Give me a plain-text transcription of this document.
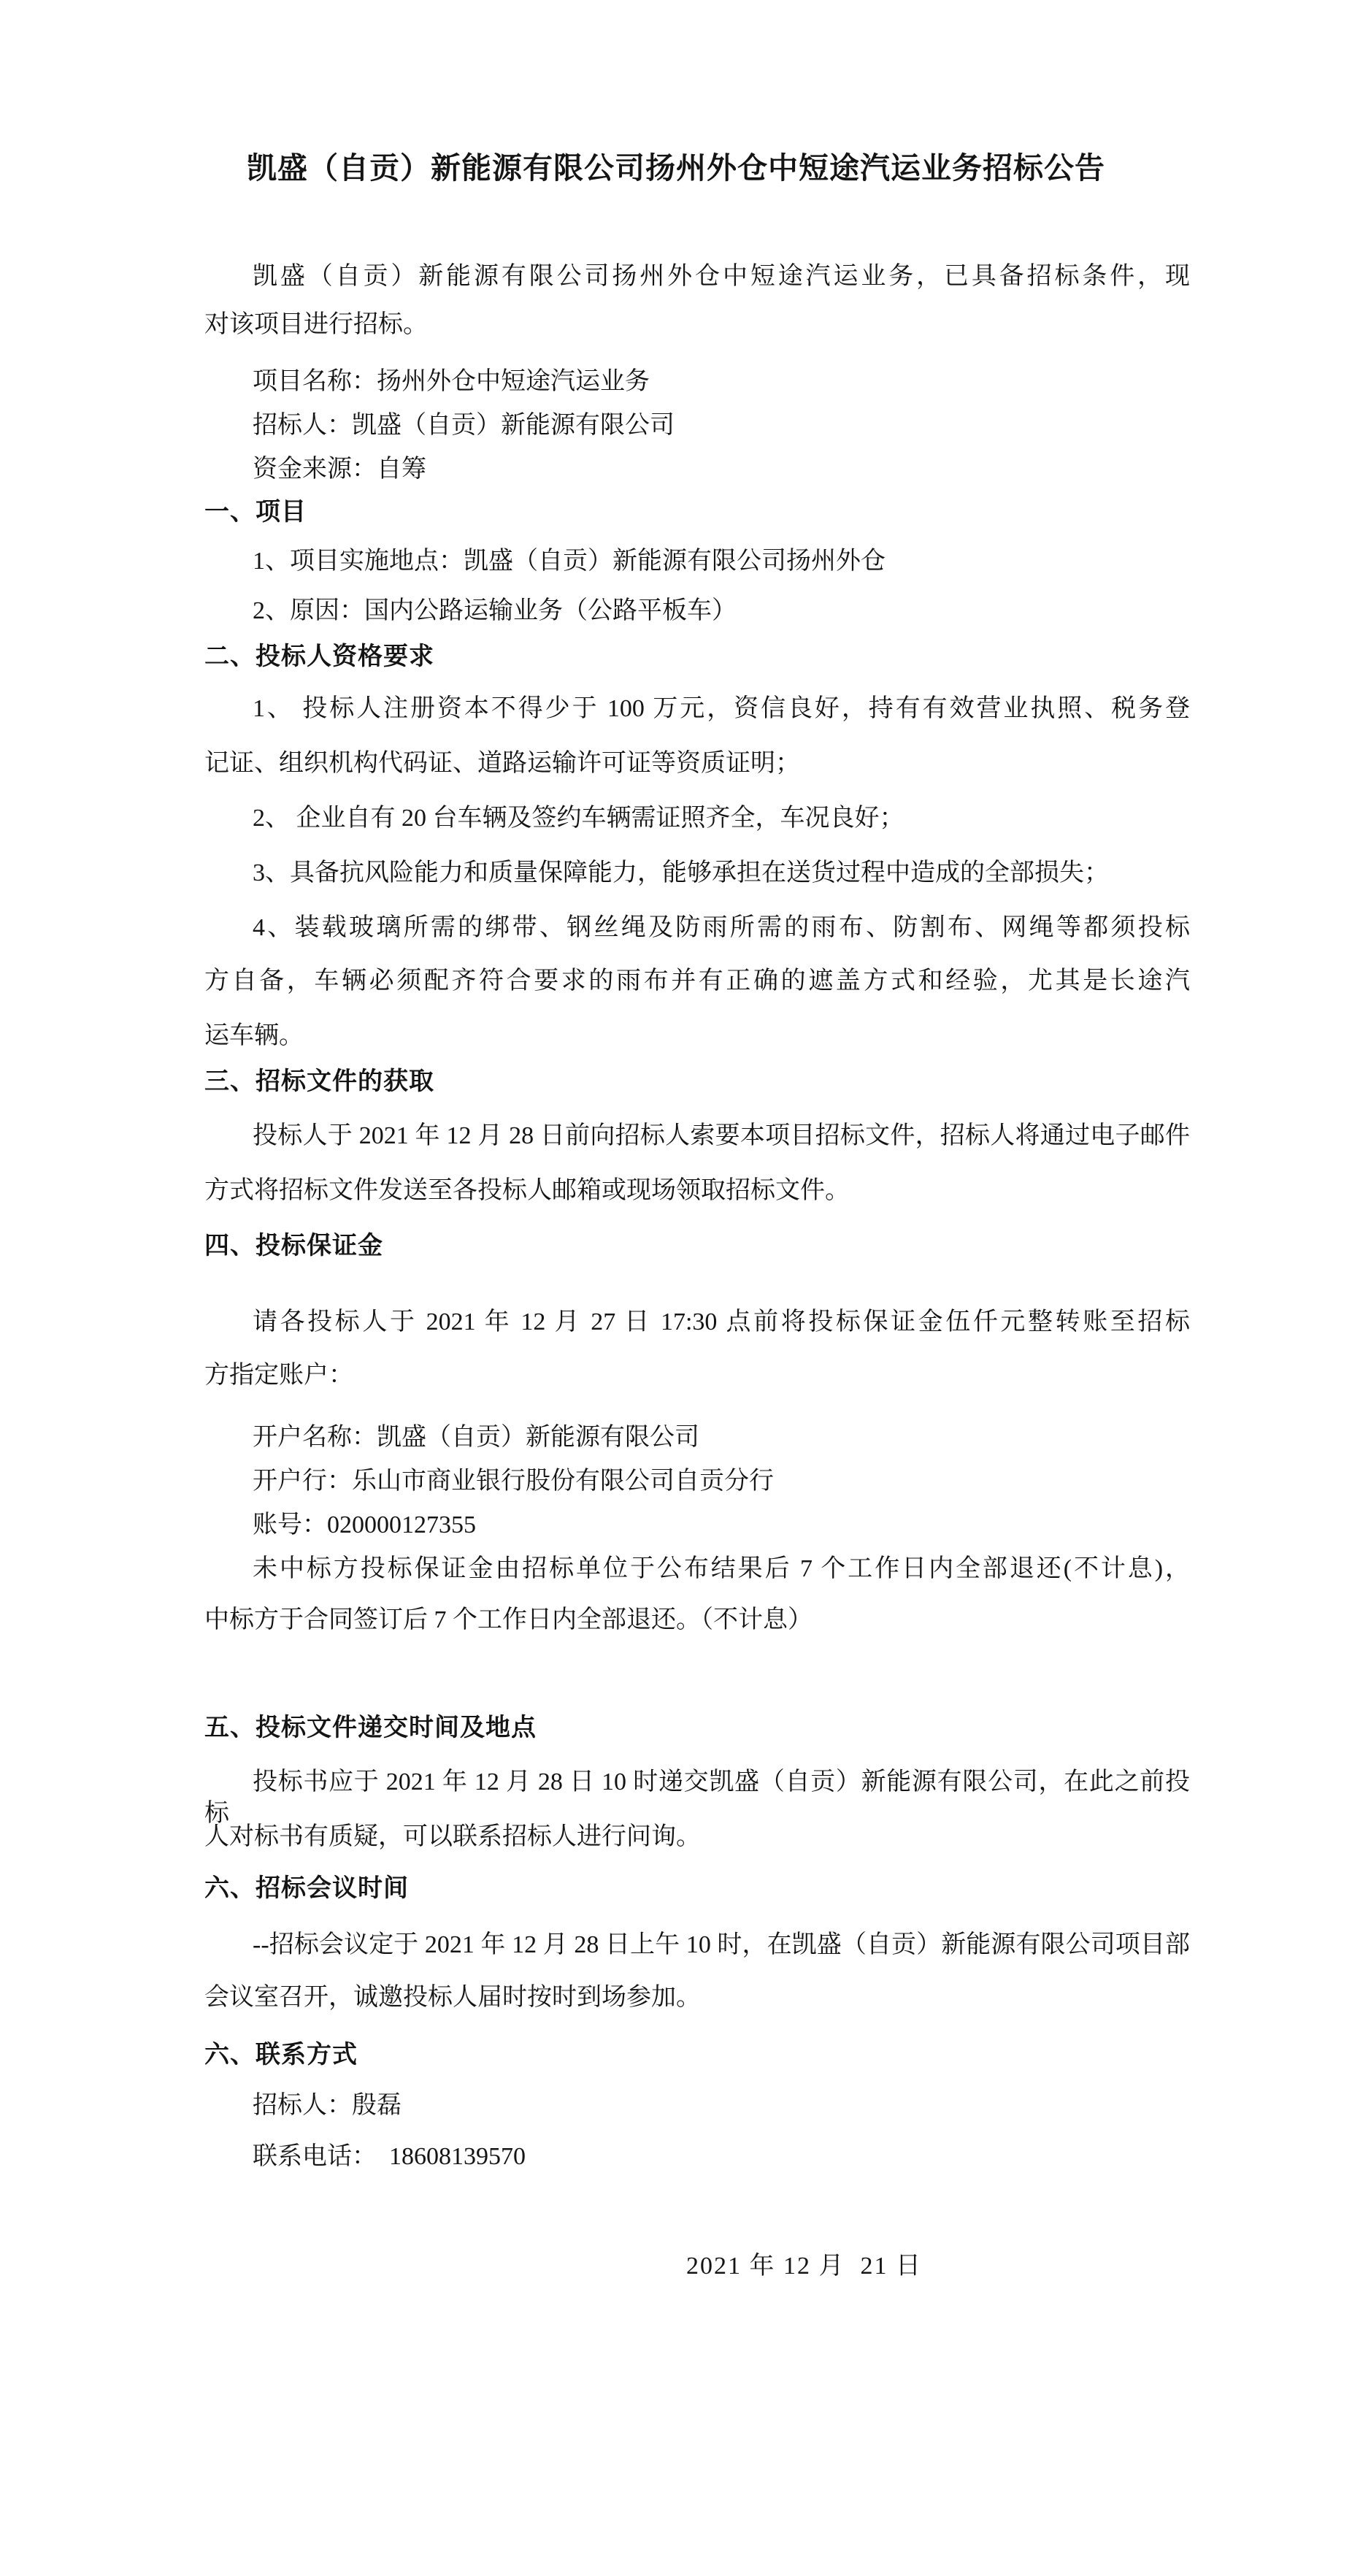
凯盛（自贡）新能源有限公司扬州外仓中短途汽运业务招标公告
凯盛（自贡）新能源有限公司扬州外仓中短途汽运业务，已具备招标条件，现
对该项目进行招标。
项目名称：扬州外仓中短途汽运业务
招标人：凯盛（自贡）新能源有限公司
资金来源：自筹
一、项目
1、项目实施地点：凯盛（自贡）新能源有限公司扬州外仓
2、原因：国内公路运输业务（公路平板车）
二、投标人资格要求
1、 投标人注册资本不得少于 100 万元，资信良好，持有有效营业执照、税务登
记证、组织机构代码证、道路运输许可证等资质证明；
2、 企业自有 20 台车辆及签约车辆需证照齐全，车况良好；
3、具备抗风险能力和质量保障能力，能够承担在送货过程中造成的全部损失；
4、装载玻璃所需的绑带、钢丝绳及防雨所需的雨布、防割布、网绳等都须投标
方自备，车辆必须配齐符合要求的雨布并有正确的遮盖方式和经验，尤其是长途汽
运车辆。
三、招标文件的获取
投标人于 2021 年 12 月 28 日前向招标人索要本项目招标文件，招标人将通过电子邮件
方式将招标文件发送至各投标人邮箱或现场领取招标文件。
四、投标保证金
请各投标人于 2021 年 12 月 27 日 17:30 点前将投标保证金伍仟元整转账至招标
方指定账户：
开户名称：凯盛（自贡）新能源有限公司
开户行：乐山市商业银行股份有限公司自贡分行
账号：020000127355
未中标方投标保证金由招标单位于公布结果后 7 个工作日内全部退还(不计息)，
中标方于合同签订后 7 个工作日内全部退还。（不计息）
五、投标文件递交时间及地点
投标书应于 2021 年 12 月 28 日 10 时递交凯盛（自贡）新能源有限公司，在此之前投标
人对标书有质疑，可以联系招标人进行问询。
六、招标会议时间
--招标会议定于 2021 年 12 月 28 日上午 10 时，在凯盛（自贡）新能源有限公司项目部
会议室召开，诚邀投标人届时按时到场参加。
六、联系方式
招标人：殷磊
联系电话：  18608139570
2021 年 12 月  21 日
